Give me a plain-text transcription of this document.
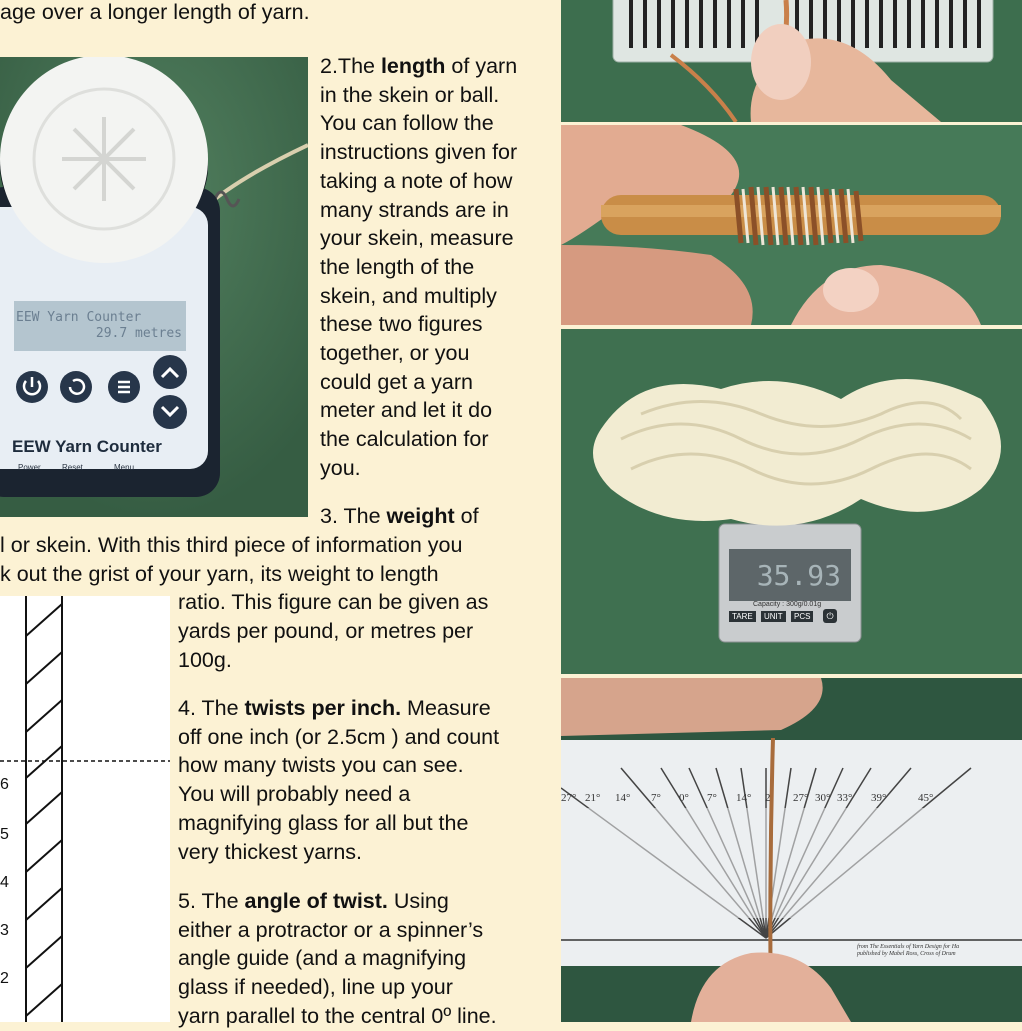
age over a longer length of yarn.
EEW Yarn Counter
29.7 metres
Power	Reset	Menu
EEW Yarn Counter
2.The length of yarn
in the skein or ball.
You can follow the
instructions given for
taking a note of how
many strands are in
your skein, measure
the length of the
skein, and multiply
these two figures
together, or you
could get a yarn
meter and let it do
the calculation for
you.
3. The weight of
l or skein. With this third piece of information you
k out the grist of your yarn, its weight to length
ratio. This figure can be given as
yards per pound, or metres per
100g.
6
5
4
3
2
4. The twists per inch. Measure
off one inch (or 2.5cm ) and count
how many twists you can see.
You will probably need a
magnifying glass for all but the
very thickest yarns.
5. The angle of twist. Using
either a protractor or a spinner’s
angle guide (and a magnifying
glass if needed), line up your
yarn parallel to the central 0º line.
35.93
Capacity : 300g/0.01g
TARE	UNIT	PCS	⏻
27° 21° 14° 7° 0° 7° 14° 2 27° 30° 33° 39°	45°
from The Essentials of Yarn Design for Ha
published by Mabel Ross, Cross of Drum
